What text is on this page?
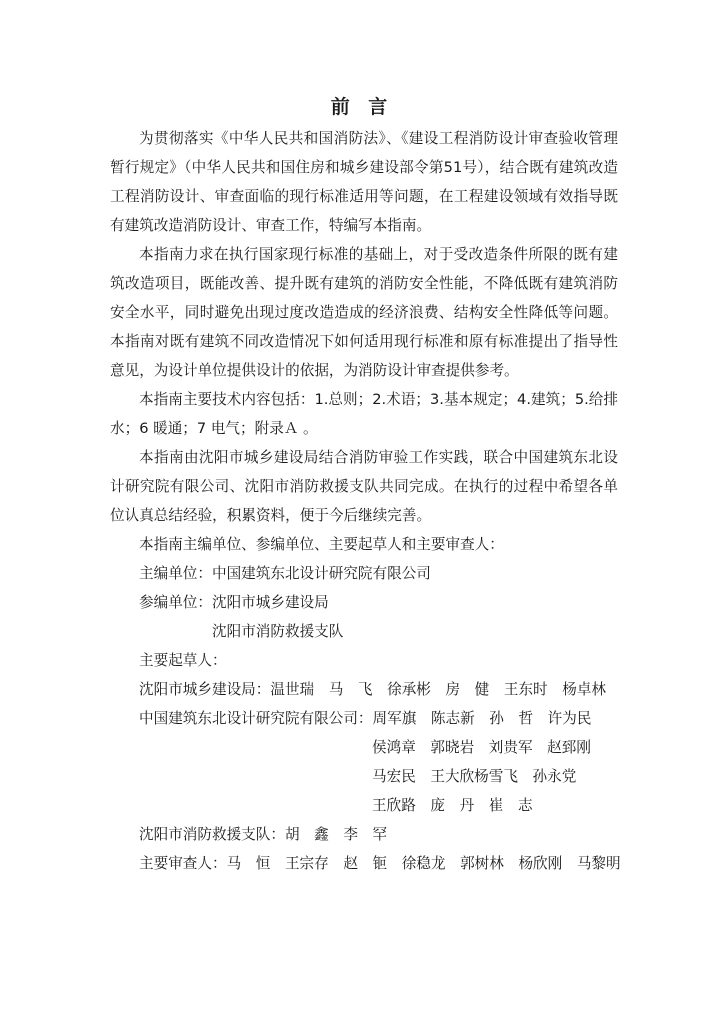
前 言

为贯彻落实《中华人民共和国消防法》、《建设工程消防设计审查验收管理暂行规定》（中华人民共和国住房和城乡建设部令第51号），结合既有建筑改造工程消防设计、审查面临的现行标准适用等问题，在工程建设领域有效指导既有建筑改造消防设计、审查工作，特编写本指南。

本指南力求在执行国家现行标准的基础上，对于受改造条件所限的既有建筑改造项目，既能改善、提升既有建筑的消防安全性能，不降低既有建筑消防安全水平，同时避免出现过度改造造成的经济浪费、结构安全性降低等问题。本指南对既有建筑不同改造情况下如何适用现行标准和原有标准提出了指导性意见，为设计单位提供设计的依据，为消防设计审查提供参考。

本指南主要技术内容包括：1.总则；2.术语；3.基本规定；4.建筑；5.给排水；6 暖通；7 电气；附录Ａ 。

本指南由沈阳市城乡建设局结合消防审验工作实践，联合中国建筑东北设计研究院有限公司、沈阳市消防救援支队共同完成。在执行的过程中希望各单位认真总结经验，积累资料，便于今后继续完善。

本指南主编单位、参编单位、主要起草人和主要审查人：
主编单位：中国建筑东北设计研究院有限公司
参编单位：沈阳市城乡建设局
沈阳市消防救援支队
主要起草人：
沈阳市城乡建设局：温世瑞　马　飞　徐承彬　房　健　王东时　杨卓林
中国建筑东北设计研究院有限公司：周军旗　陈志新　孙　哲　许为民
侯鸿章　郭晓岩　刘贵军　赵郅刚
马宏民　王大欣杨雪飞　孙永党
王欣路　庞　丹　崔　志
沈阳市消防救援支队：胡　鑫　李　罕
主要审查人：马　恒　王宗存　赵　钷　徐稳龙　郭树林　杨欣刚　马黎明
